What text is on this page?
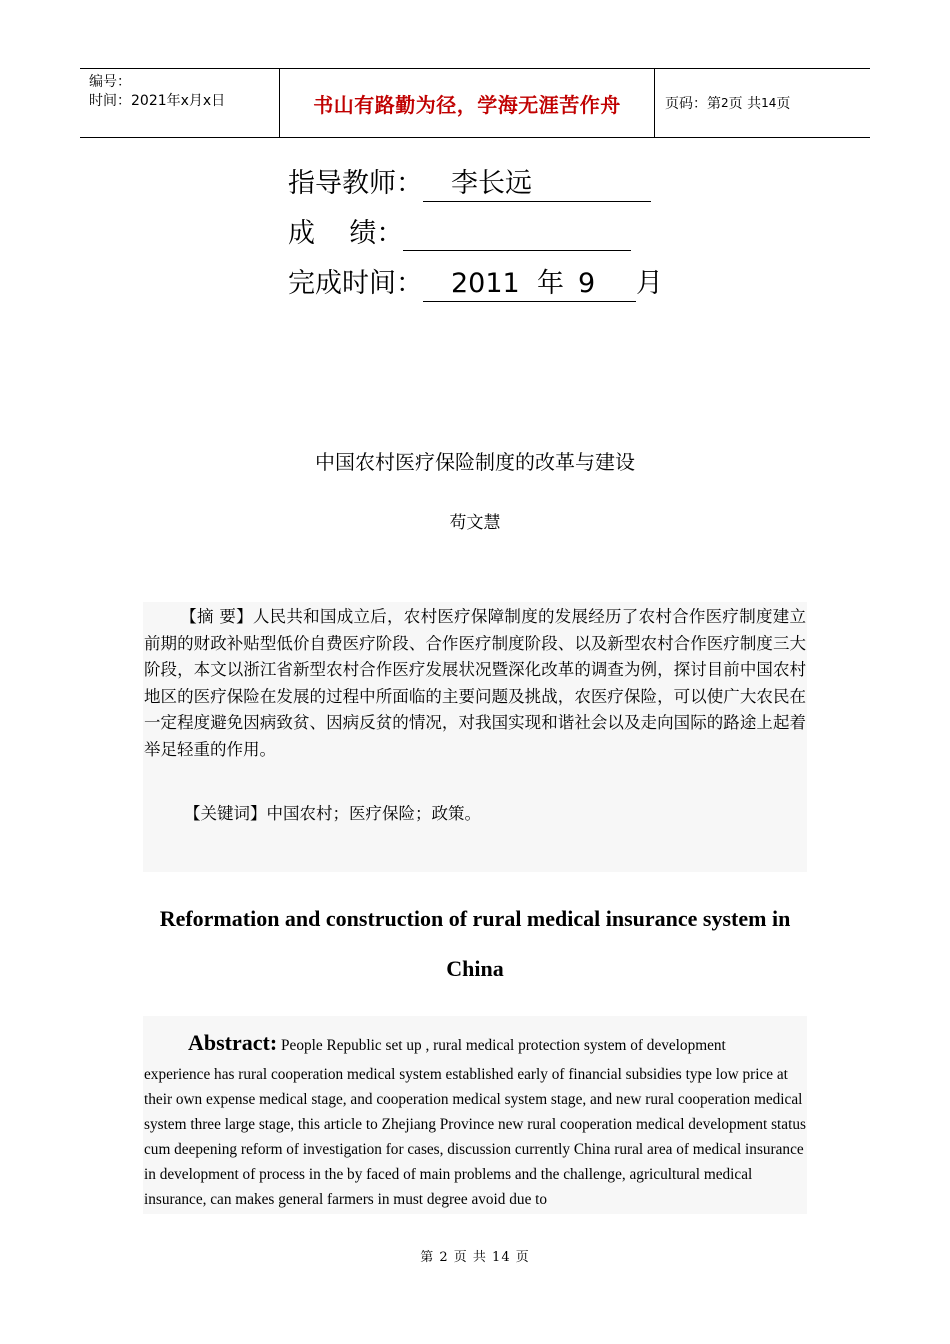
编号：
时间：2021年x月x日	书山有路勤为径，学海无涯苦作舟	页码：第 2 页 共 14 页
指导教师： 李长远
成    绩：
完成时间： 2011 年 9 月
中国农村医疗保险制度的改革与建设
苟文慧
【摘 要】人民共和国成立后，农村医疗保障制度的发展经历了农村合作医疗制度建立前期的财政补贴型低价自费医疗阶段、合作医疗制度阶段、以及新型农村合作医疗制度三大阶段，本文以浙江省新型农村合作医疗发展状况暨深化改革的调查为例，探讨目前中国农村地区的医疗保险在发展的过程中所面临的主要问题及挑战，农医疗保险，可以使广大农民在一定程度避免因病致贫、因病反贫的情况，对我国实现和谐社会以及走向国际的路途上起着举足轻重的作用。
【关键词】中国农村；医疗保险；政策。
Reformation and construction of rural medical insurance system in
China
Abstract: People Republic set up , rural medical protection system of development
experience has rural cooperation medical system established early of financial subsidies type low price at their own expense medical stage, and cooperation medical system stage, and new rural cooperation medical system three large stage, this article to Zhejiang Province new rural cooperation medical development status cum deepening reform of investigation for cases, discussion currently China rural area of medical insurance in development of process in the by faced of main problems and the challenge, agricultural medical insurance, can makes general farmers in must degree avoid due to
第 2 页 共 14 页
